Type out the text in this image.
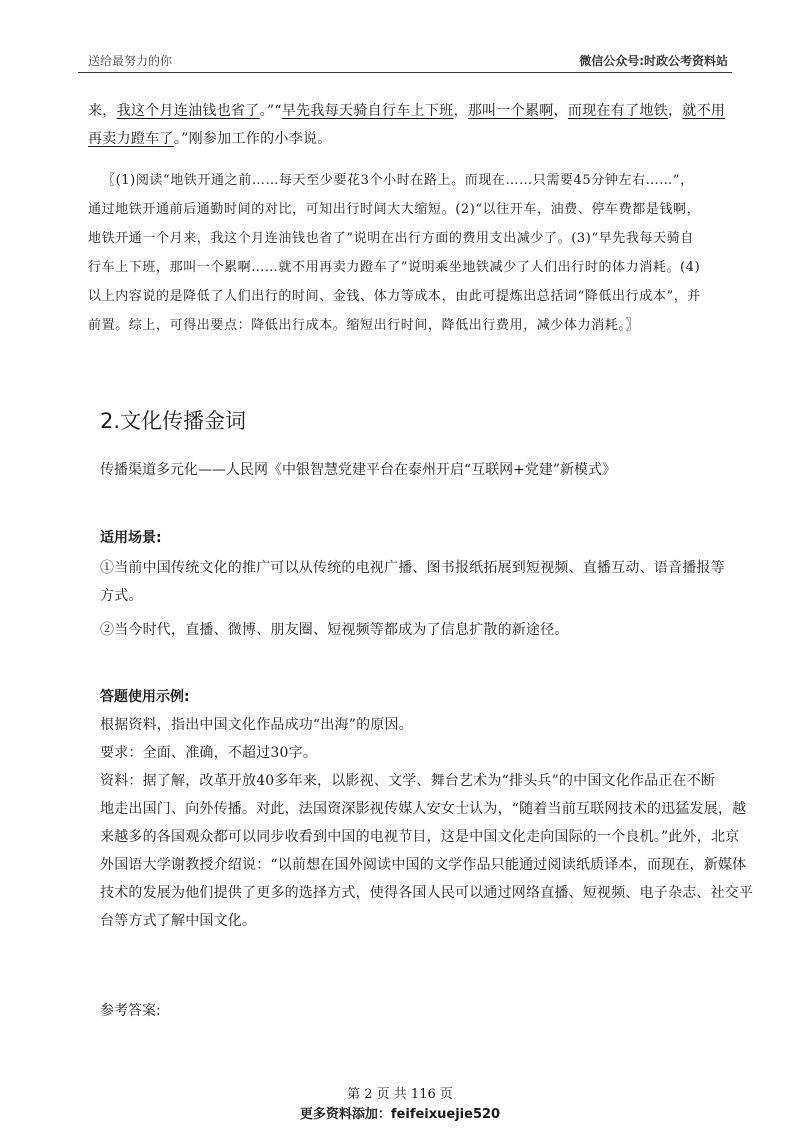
送给最努力的你	微信公众号:时政公考资料站
来，我这个月连油钱也省了。”“早先我每天骑自行车上下班，那叫一个累啊，而现在有了地铁，就不用
再卖力蹬车了。”刚参加工作的小李说。
〖(1)阅读“地铁开通之前……每天至少要花3个小时在路上。而现在……只需要45分钟左右……”，
通过地铁开通前后通勤时间的对比，可知出行时间大大缩短。(2)“以往开车，油费、停车费都是钱啊，
地铁开通一个月来，我这个月连油钱也省了”说明在出行方面的费用支出减少了。(3)“早先我每天骑自
行车上下班，那叫一个累啊……就不用再卖力蹬车了”说明乘坐地铁减少了人们出行时的体力消耗。(4)
以上内容说的是降低了人们出行的时间、金钱、体力等成本，由此可提炼出总括词“降低出行成本”，并
前置。综上，可得出要点：降低出行成本。缩短出行时间，降低出行费用，减少体力消耗。〗
2.文化传播金词
传播渠道多元化——人民网《中银智慧党建平台在泰州开启“互联网+党建”新模式》
适用场景:
①当前中国传统文化的推广可以从传统的电视广播、图书报纸拓展到短视频、直播互动、语音播报等
方式。
②当今时代，直播、微博、朋友圈、短视频等都成为了信息扩散的新途径。
答题使用示例:
根据资料，指出中国文化作品成功“出海”的原因。
要求：全面、准确，不超过30字。
资料：据了解，改革开放40多年来，以影视、文学、舞台艺术为“排头兵”的中国文化作品正在不断
地走出国门、向外传播。对此，法国资深影视传媒人安女士认为，“随着当前互联网技术的迅猛发展，越
来越多的各国观众都可以同步收看到中国的电视节目，这是中国文化走向国际的一个良机。”此外，北京
外国语大学谢教授介绍说：“以前想在国外阅读中国的文学作品只能通过阅读纸质译本，而现在，新媒体
技术的发展为他们提供了更多的选择方式，使得各国人民可以通过网络直播、短视频、电子杂志、社交平
台等方式了解中国文化。
参考答案:
第 2 页 共 116 页
更多资料添加：feifeixuejie520
